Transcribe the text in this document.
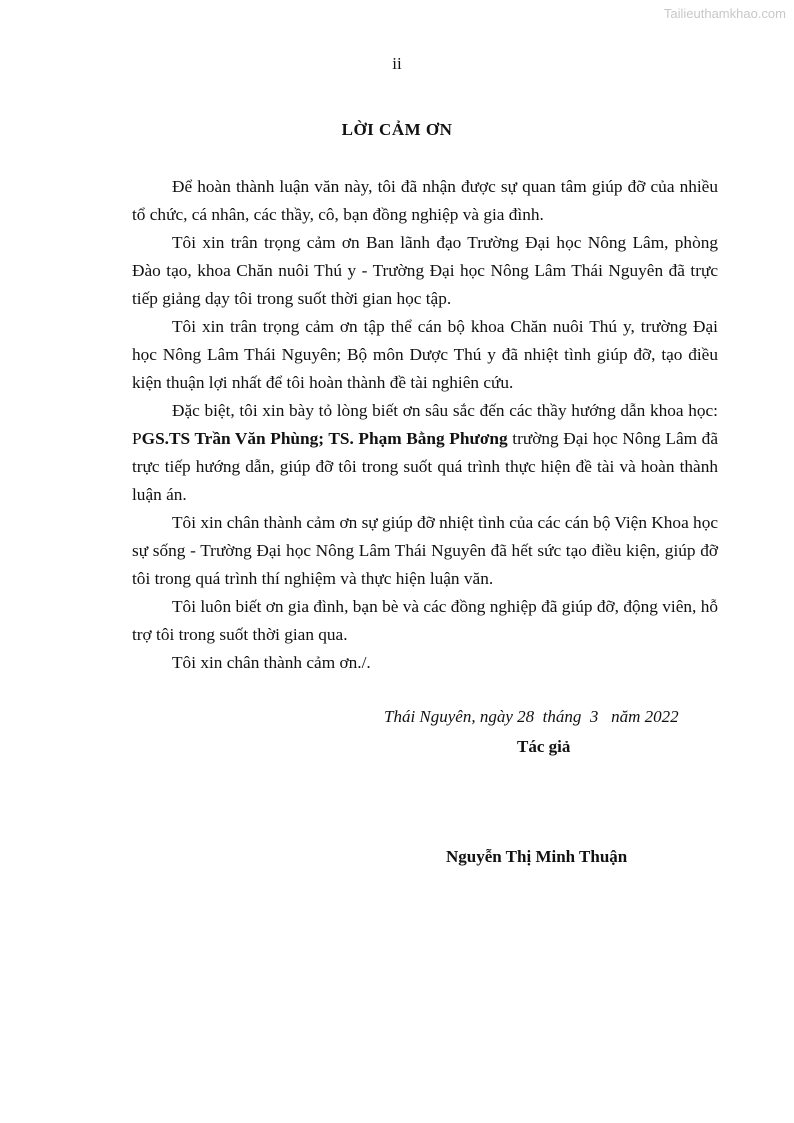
Tailieuthamkhao.com
ii
LỜI CẢM ƠN

Để hoàn thành luận văn này, tôi đã nhận được sự quan tâm giúp đỡ của nhiều tổ chức, cá nhân, các thầy, cô, bạn đồng nghiệp và gia đình.

Tôi xin trân trọng cảm ơn Ban lãnh đạo Trường Đại học Nông Lâm, phòng Đào tạo, khoa Chăn nuôi Thú y - Trường Đại học Nông Lâm Thái Nguyên đã trực tiếp giảng dạy tôi trong suốt thời gian học tập.

Tôi xin trân trọng cảm ơn tập thể cán bộ khoa Chăn nuôi Thú y, trường Đại học Nông Lâm Thái Nguyên; Bộ môn Dược Thú y đã nhiệt tình giúp đỡ, tạo điều kiện thuận lợi nhất để tôi hoàn thành đề tài nghiên cứu.

Đặc biệt, tôi xin bày tỏ lòng biết ơn sâu sắc đến các thầy hướng dẫn khoa học: PGS.TS Trần Văn Phùng; TS. Phạm Bằng Phương trường Đại học Nông Lâm đã trực tiếp hướng dẫn, giúp đỡ tôi trong suốt quá trình thực hiện đề tài và hoàn thành luận án.

Tôi xin chân thành cảm ơn sự giúp đỡ nhiệt tình của các cán bộ Viện Khoa học sự sống - Trường Đại học Nông Lâm Thái Nguyên đã hết sức tạo điều kiện, giúp đỡ tôi trong quá trình thí nghiệm và thực hiện luận văn.

Tôi luôn biết ơn gia đình, bạn bè và các đồng nghiệp đã giúp đỡ, động viên, hỗ trợ tôi trong suốt thời gian qua.

Tôi xin chân thành cảm ơn./.

Thái Nguyên, ngày 28  tháng  3   năm 2022
Tác giả
Nguyễn Thị Minh Thuận
